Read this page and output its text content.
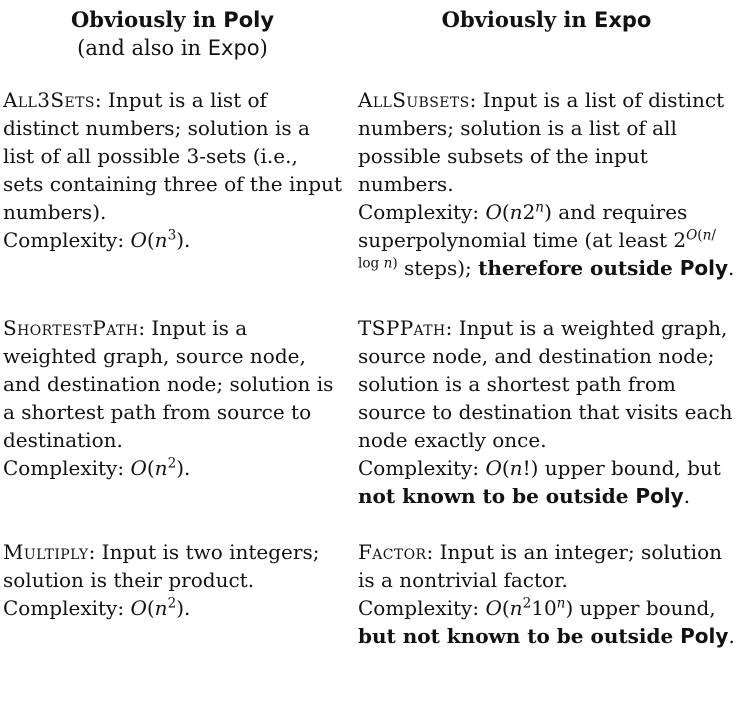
Obviously in Poly
(and also in Expo)
Obviously in Expo
All3Sets: Input is a list of distinct numbers; solution is a list of all possible 3-sets (i.e., sets containing three of the input numbers).
Complexity: $O(n^3)$.
AllSubsets: Input is a list of distinct numbers; solution is a list of all possible subsets of the input numbers.
Complexity: O(n2$^n$) and requires superpolynomial time (at least $2^{O(n/ log}$ $^{n)}$ steps); therefore outside Poly.
ShortestPath: Input is a weighted graph, source node, and destination node; solution is a shortest path from source to destination.
Complexity: $O(n^2)$.
TSPPath: Input is a weighted graph, source node, and destination node; solution is a shortest path from source to destination that visits each node exactly once.
Complexity: O(n!) upper bound, but not known to be outside Poly.
Multiply: Input is two integers; solution is their product.
Complexity: $O(n^2)$.
Factor: Input is an integer; solution is a nontrivial factor.
Complexity: $O(n^210^n)$ upper bound, but not known to be outside Poly.
